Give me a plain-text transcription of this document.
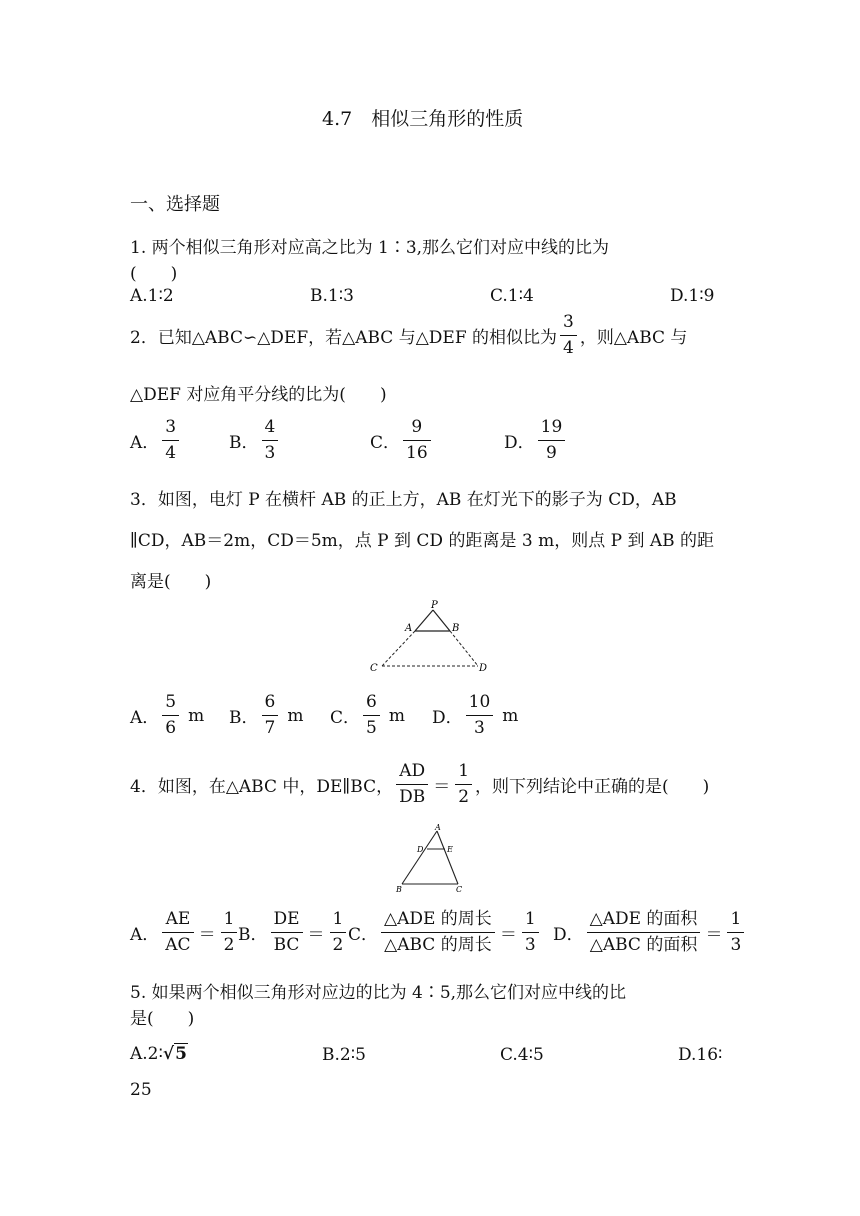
4.7　相似三角形的性质
一、选择题
1. 两个相似三角形对应高之比为 1∶3,那么它们对应中线的比为
(　　)
A.1∶2	B.1∶3	C.1∶4	D.1∶9
2．已知△ABC∽△DEF，若△ABC 与△DEF 的相似比为 $\frac{3}{4}$ ，则△ABC 与
△DEF 对应角平分线的比为(　　)
A． $\frac{3}{4}$	B． $\frac{4}{3}$	C． $\frac{9}{16}$	D． $\frac{19}{9}$
3．如图，电灯 P 在横杆 AB 的正上方，AB 在灯光下的影子为 CD，AB
∥CD，AB＝2m，CD＝5m，点 P 到 CD 的距离是 3 m，则点 P 到 AB 的距
离是(　　)
P
A	B
C	D
A． $\frac{5}{6}$ m B． $\frac{6}{7}$ m C． $\frac{6}{5}$ m D． $\frac{10}{3}$ m
4．如图，在△ABC 中，DE∥BC， $\frac{AD}{DB} = \frac{1}{2}$ ，则下列结论中正确的是(　　)
A
D	E
B	C
A． $\frac{AE}{AC} = \frac{1}{2}$ B． $\frac{DE}{BC} = \frac{1}{2}$ C． $\frac{\text{△ADE 的周长}}{\text{△ABC 的周长}} = \frac{1}{3}$ D． $\frac{\text{△ADE 的面积}}{\text{△ABC 的面积}} = \frac{1}{3}$
5. 如果两个相似三角形对应边的比为 4∶5,那么它们对应中线的比
是(　　)
A.2∶ √ 5	B.2∶5	C.4∶5	D.16∶
25
